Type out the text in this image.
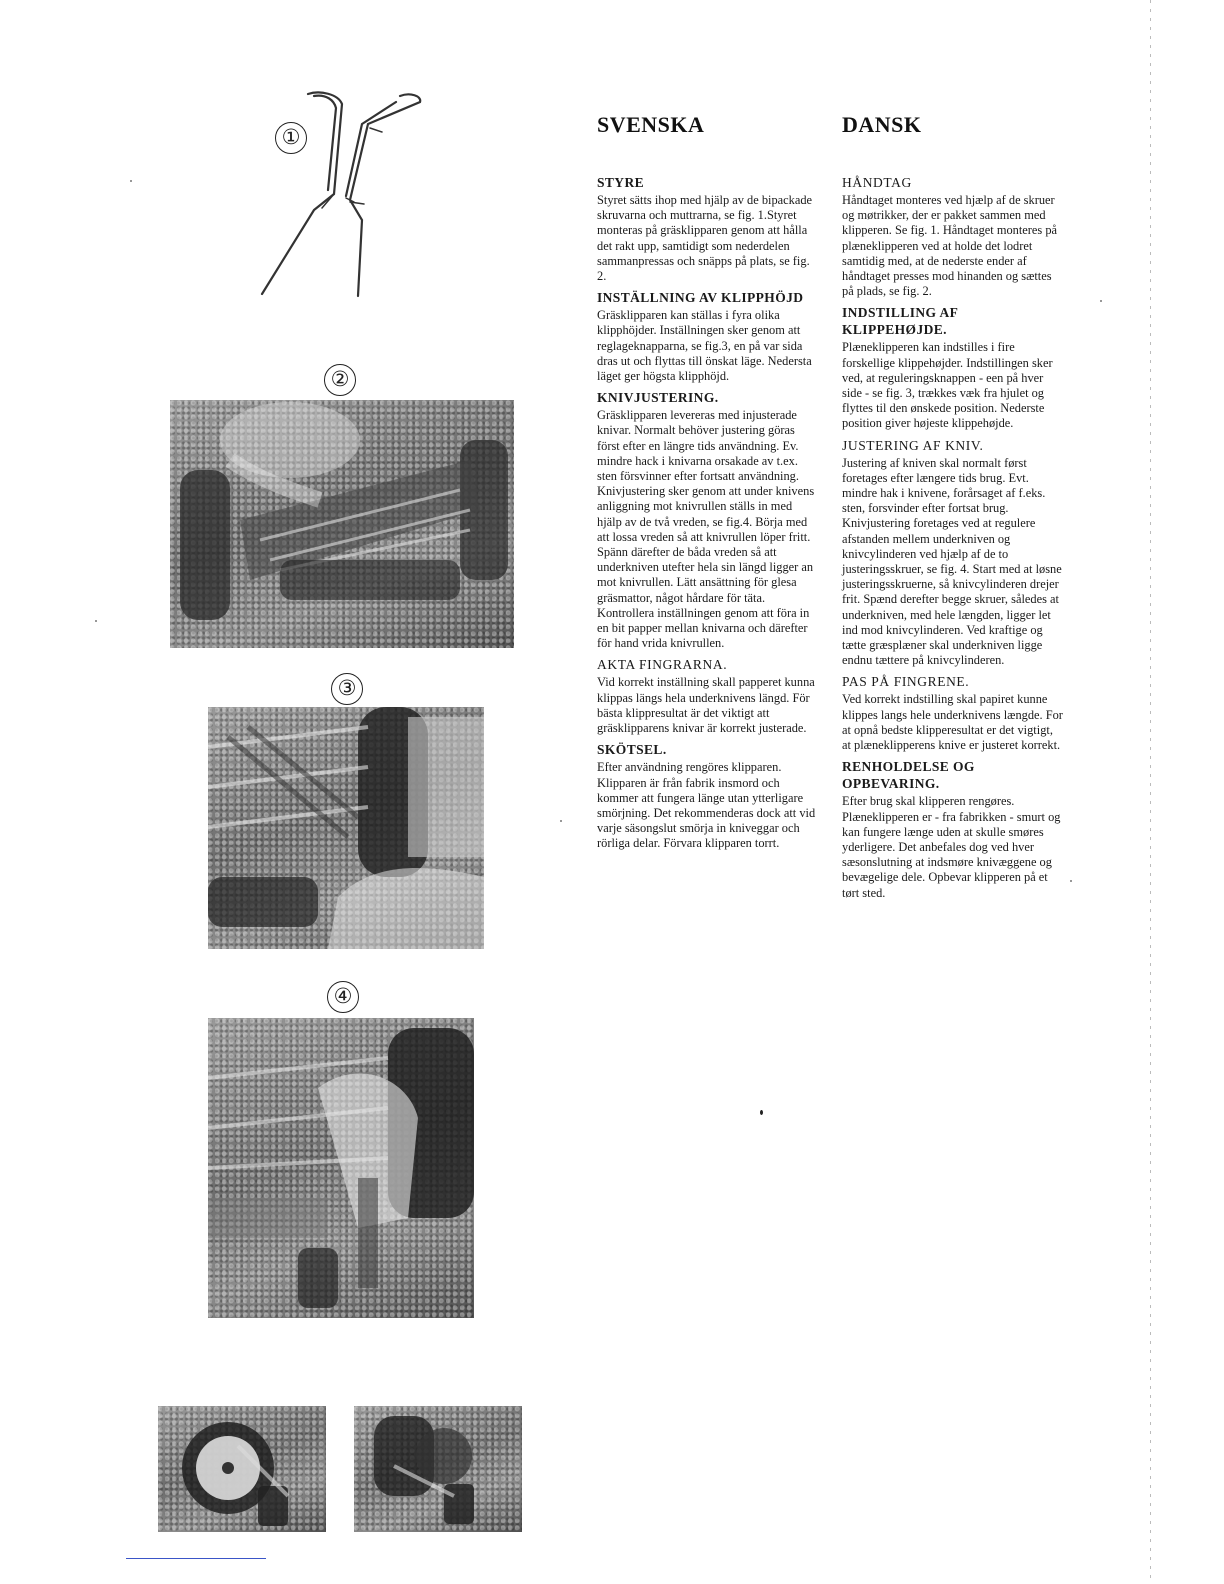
①
②
③
④
SVENSKA
STYRE
Styret sätts ihop med hjälp av de bipackade skruvarna och muttrarna, se fig. 1.Styret monteras på gräsklipparen genom att hålla det rakt upp, samtidigt som nederdelen sammanpressas och snäpps på plats, se fig. 2.
INSTÄLLNING AV KLIPPHÖJD
Gräsklipparen kan ställas i fyra olika klipphöjder. Inställningen sker genom att reglageknapparna, se fig.3, en på var sida dras ut och flyttas till önskat läge. Nedersta läget ger högsta klipphöjd.
KNIVJUSTERING.
Gräsklipparen levereras med injusterade knivar. Normalt behöver justering göras först efter en längre tids användning. Ev. mindre hack i knivarna orsakade av t.ex. sten försvinner efter fortsatt användning. Knivjustering sker genom att under knivens anliggning mot knivrullen ställs in med hjälp av de två vreden, se fig.4. Börja med att lossa vreden så att knivrullen löper fritt. Spänn därefter de båda vreden så att underkniven utefter hela sin längd ligger an mot knivrullen. Lätt ansättning för glesa gräsmattor, något hårdare för täta. Kontrollera inställningen genom att föra in en bit papper mellan knivarna och därefter för hand vrida knivrullen.
AKTA FINGRARNA.
Vid korrekt inställning skall papperet kunna klippas längs hela underknivens längd. För bästa klippresultat är det viktigt att gräsklipparens knivar är korrekt justerade.
SKÖTSEL.
Efter användning rengöres klipparen. Klipparen är från fabrik insmord och kommer att fungera länge utan ytterligare smörjning. Det rekommenderas dock att vid varje säsongslut smörja in kniveggar och rörliga delar. Förvara klipparen torrt.
DANSK
HÅNDTAG
Håndtaget monteres ved hjælp af de skruer og møtrikker, der er pakket sammen med klipperen. Se fig. 1. Håndtaget monteres på plæneklipperen ved at holde det lodret samtidig med, at de nederste ender af håndtaget presses mod hinanden og sættes på plads, se fig. 2.
INDSTILLING AF KLIPPEHØJDE.
Plæneklipperen kan indstilles i fire forskellige klippehøjder. Indstillingen sker ved, at reguleringsknappen - een på hver side - se fig. 3, trækkes væk fra hjulet og flyttes til den ønskede position. Nederste position giver højeste klippehøjde.
JUSTERING AF KNIV.
Justering af kniven skal normalt først foretages efter længere tids brug. Evt. mindre hak i knivene, forårsaget af f.eks. sten, forsvinder efter fortsat brug. Knivjustering foretages ved at regulere afstanden mellem underkniven og knivcylinderen ved hjælp af de to justeringsskruer, se fig. 4. Start med at løsne justeringsskruerne, så knivcylinderen drejer frit. Spænd derefter begge skruer, således at underkniven, med hele længden, ligger let ind mod knivcylinderen. Ved kraftige og tætte græsplæner skal underkniven ligge endnu tættere på knivcylinderen.
PAS PÅ FINGRENE.
Ved korrekt indstilling skal papiret kunne klippes langs hele underknivens længde. For at opnå bedste klipperesultat er det vigtigt, at plæneklipperens knive er justeret korrekt.
RENHOLDELSE OG OPBEVARING.
Efter brug skal klipperen rengøres. Plæneklipperen er - fra fabrikken - smurt og kan fungere længe uden at skulle smøres yderligere. Det anbefales dog ved hver sæsonslutning at indsmøre knivæggene og bevægelige dele. Opbevar klipperen på et tørt sted.
